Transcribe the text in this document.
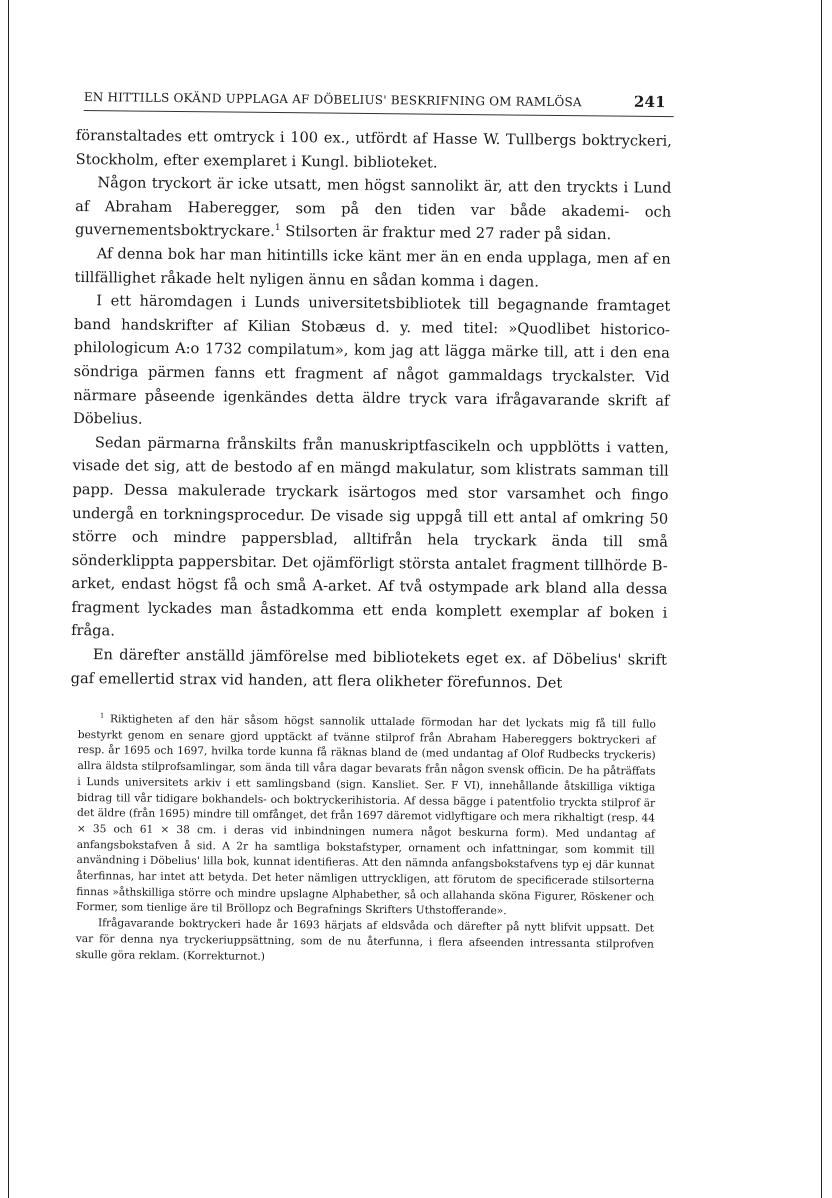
EN HITTILLS OKÄND UPPLAGA AF DÖBELIUS' BESKRIFNING OM RAMLÖSA	241

föranstaltades ett omtryck i 100 ex., utfördt af Hasse W. Tullbergs boktryckeri, Stockholm, efter exemplaret i Kungl. biblioteket.

Någon tryckort är icke utsatt, men högst sannolikt är, att den tryckts i Lund af Abraham Haberegger, som på den tiden var både akademi- och guvernementsboktryckare.$^1$ Stilsorten är fraktur med 27 rader på sidan.

Af denna bok har man hitintills icke känt mer än en enda upplaga, men af en tillfällighet råkade helt nyligen ännu en sådan komma i dagen.

I ett häromdagen i Lunds universitetsbibliotek till begagnande framtaget band handskrifter af Kilian Stobæus d. y. med titel: »Quodlibet historico-philologicum A:o 1732 compilatum», kom jag att lägga märke till, att i den ena söndriga pärmen fanns ett fragment af något gammaldags tryckalster. Vid närmare påseende igenkändes detta äldre tryck vara ifrågavarande skrift af Döbelius.

Sedan pärmarna frånskilts från manuskriptfascikeln och uppblötts i vatten, visade det sig, att de bestodo af en mängd makulatur, som klistrats samman till papp. Dessa makulerade tryckark isärtogos med stor varsamhet och fingo undergå en torkningsprocedur. De visade sig uppgå till ett antal af omkring 50 större och mindre pappersblad, alltifrån hela tryckark ända till små sönderklippta pappersbitar. Det ojämförligt största antalet fragment tillhörde B-arket, endast högst få och små A-arket. Af två ostympade ark bland alla dessa fragment lyckades man åstadkomma ett enda komplett exemplar af boken i fråga.

En därefter anställd jämförelse med bibliotekets eget ex. af Döbelius' skrift gaf emellertid strax vid handen, att flera olikheter förefunnos. Det

$^1$ Riktigheten af den här såsom högst sannolik uttalade förmodan har det lyckats mig få till fullo bestyrkt genom en senare gjord upptäckt af tvänne stilprof från Abraham Habereggers boktryckeri af resp. år 1695 och 1697, hvilka torde kunna få räknas bland de (med undantag af Olof Rudbecks tryckeris) allra äldsta stilprofsamlingar, som ända till våra dagar bevarats från någon svensk officin. De ha påträffats i Lunds universitets arkiv i ett samlingsband (sign. Kansliet. Ser. F VI), innehållande åtskilliga viktiga bidrag till vår tidigare bokhandels- och boktryckerihistoria. Af dessa bägge i patentfolio tryckta stilprof är det äldre (från 1695) mindre till omfånget, det från 1697 däremot vidlyftigare och mera rikhaltigt (resp. 44 × 35 och 61 × 38 cm. i deras vid inbindningen numera något beskurna form). Med undantag af anfangsbokstafven å sid. A 2r ha samtliga bokstafstyper, ornament och infattningar, som kommit till användning i Döbelius' lilla bok, kunnat identifieras. Att den nämnda anfangsbokstafvens typ ej där kunnat återfinnas, har intet att betyda. Det heter nämligen uttryckligen, att förutom de specificerade stilsorterna finnas »åthskilliga större och mindre upslagne Alphabether, så och allahanda sköna Figurer, Röskener och Former, som tienlige äre til Bröllopz och Begrafnings Skrifters Uthstofferande».

Ifrågavarande boktryckeri hade år 1693 härjats af eldsvåda och därefter på nytt blifvit uppsatt. Det var för denna nya tryckeriuppsättning, som de nu återfunna, i flera afseenden intressanta stilprofven skulle göra reklam. (Korrekturnot.)
